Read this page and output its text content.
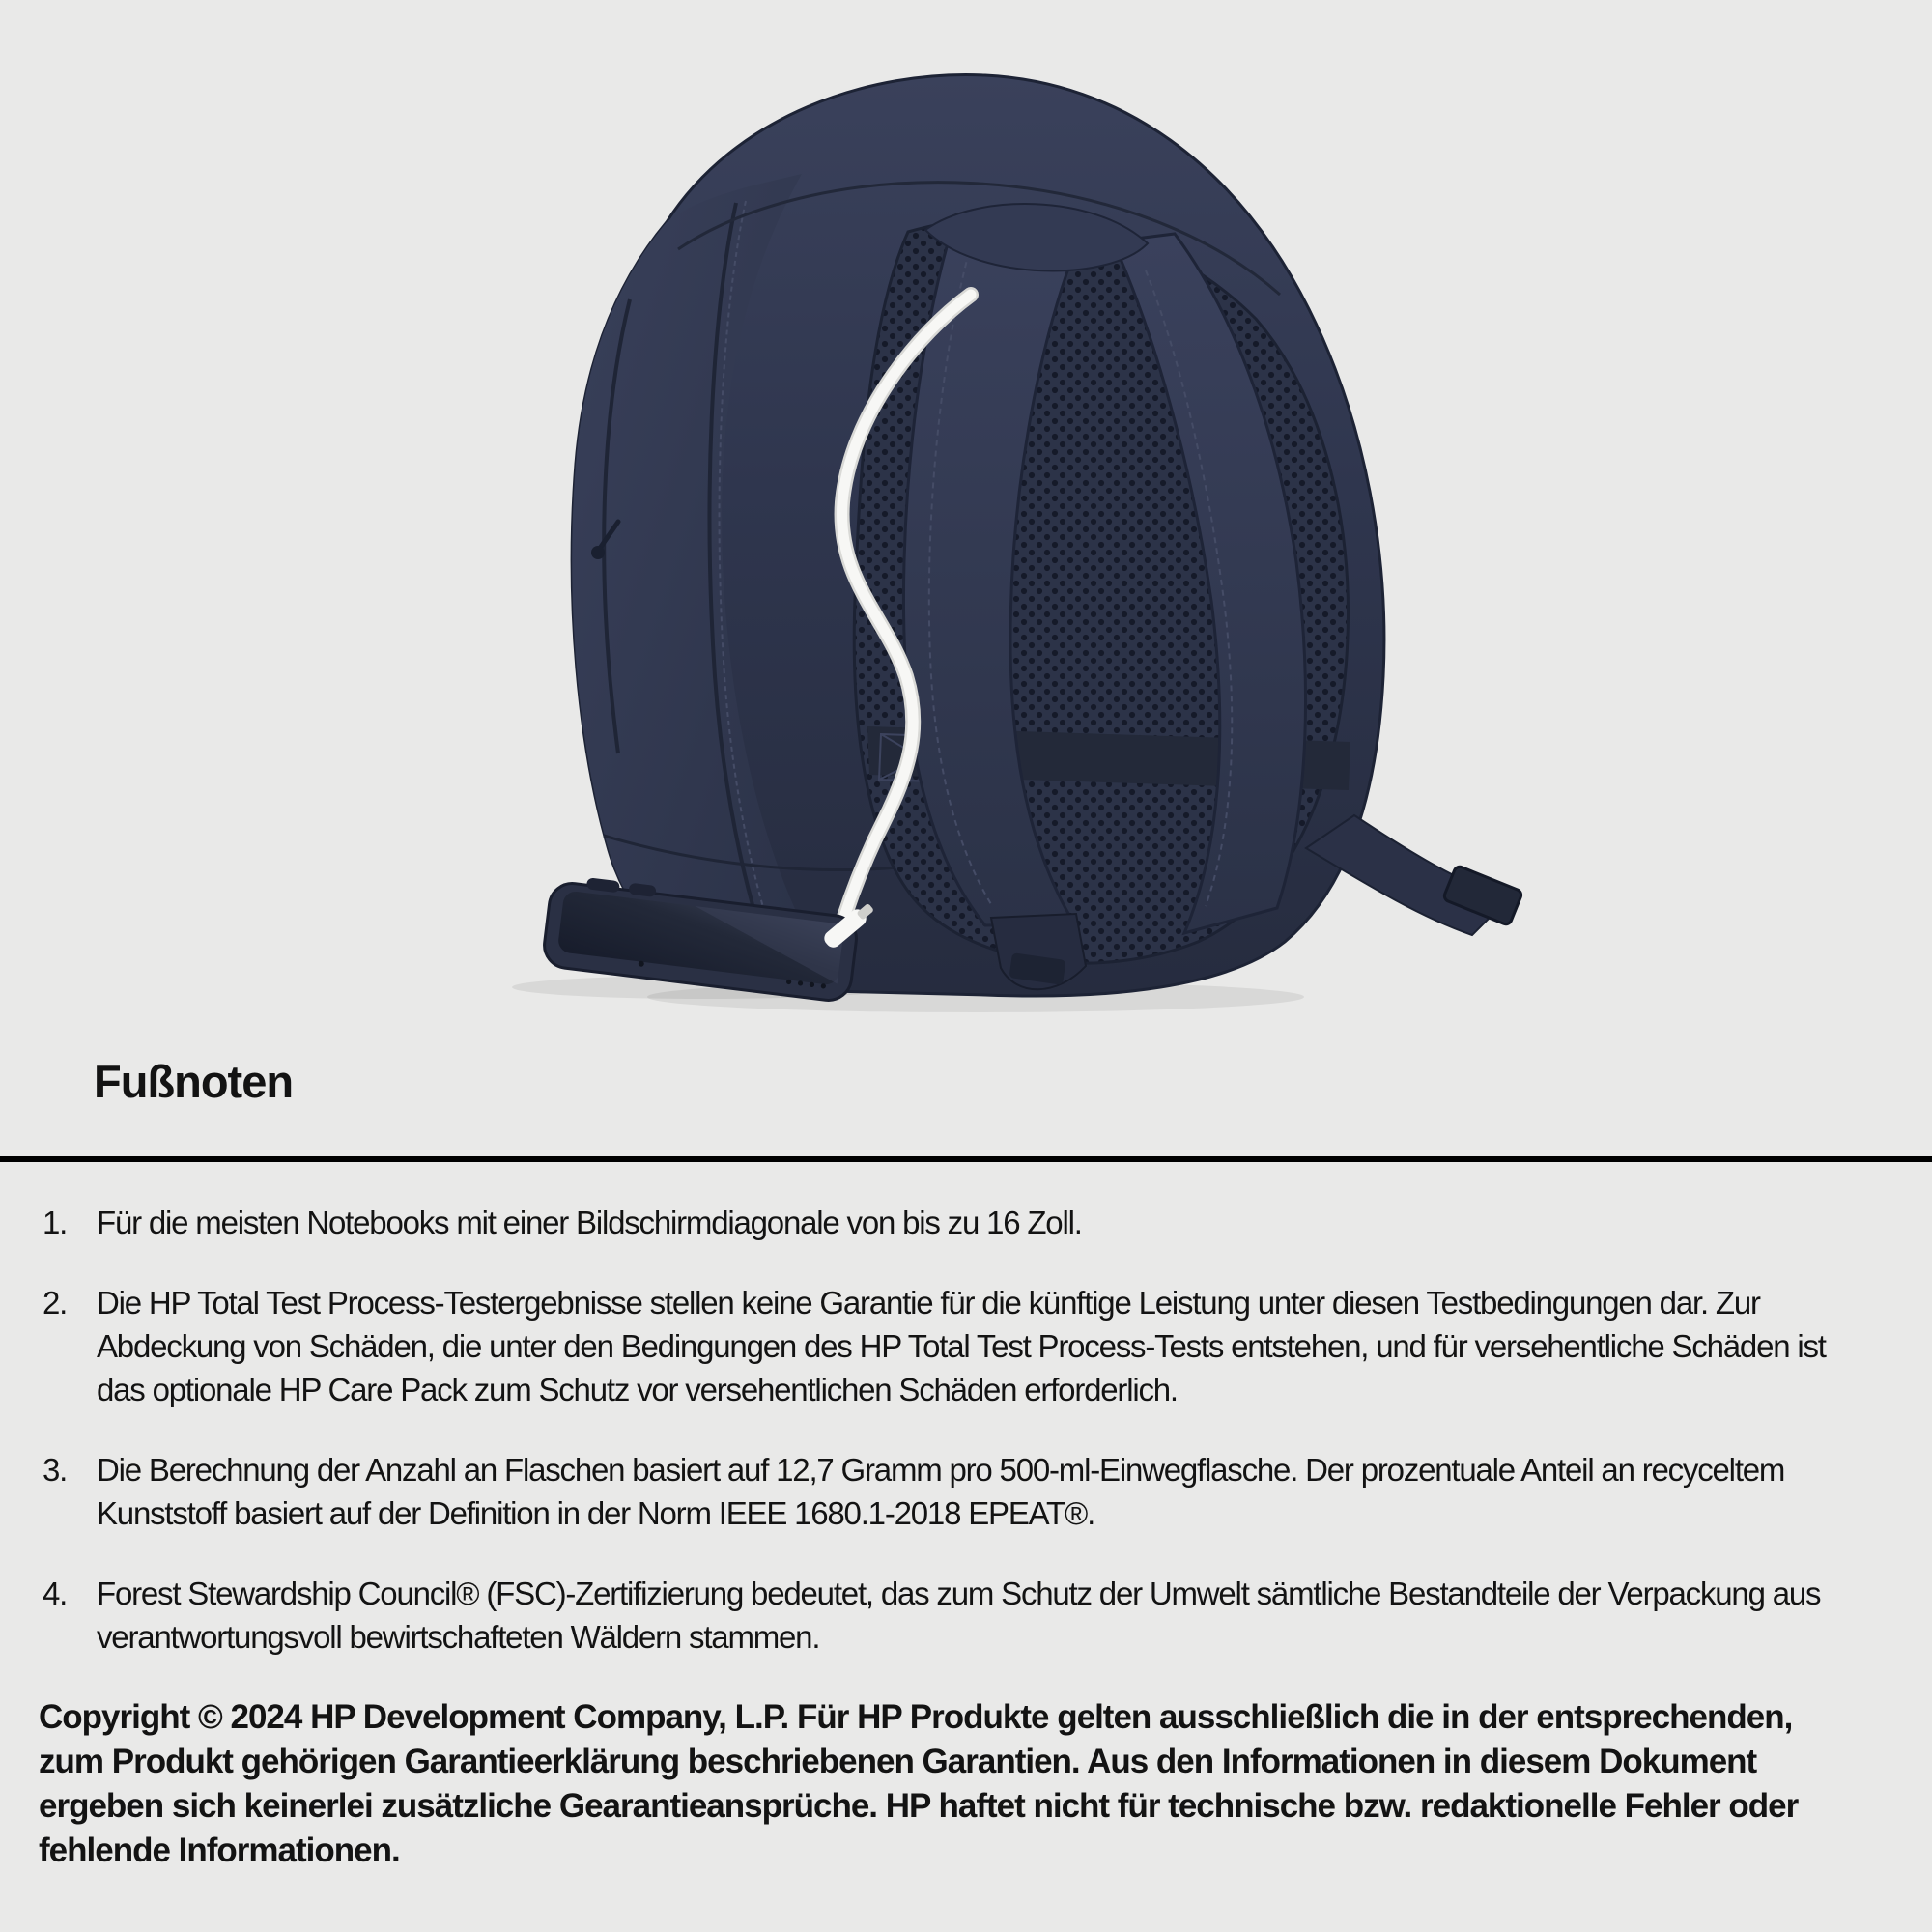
Fußnoten
1. Für die meisten Notebooks mit einer Bildschirmdiagonale von bis zu 16 Zoll.
2. Die HP Total Test Process-Testergebnisse stellen keine Garantie für die künftige Leistung unter diesen Testbedingungen dar. Zur Abdeckung von Schäden, die unter den Bedingungen des HP Total Test Process-Tests entstehen, und für versehentliche Schäden ist das optionale HP Care Pack zum Schutz vor versehentlichen Schäden erforderlich.
3. Die Berechnung der Anzahl an Flaschen basiert auf 12,7 Gramm pro 500-ml-Einwegflasche. Der prozentuale Anteil an recyceltem Kunststoff basiert auf der Definition in der Norm IEEE 1680.1-2018 EPEAT®.
4. Forest Stewardship Council® (FSC)-Zertifizierung bedeutet, das zum Schutz der Umwelt sämtliche Bestandteile der Verpackung aus verantwortungsvoll bewirtschafteten Wäldern stammen.
Copyright © 2024 HP Development Company, L.P. Für HP Produkte gelten ausschließlich die in der entsprechenden, zum Produkt gehörigen Garantieerklärung beschriebenen Garantien. Aus den Informationen in diesem Dokument ergeben sich keinerlei zusätzliche Gearantieansprüche. HP haftet nicht für technische bzw. redaktionelle Fehler oder fehlende Informationen.
